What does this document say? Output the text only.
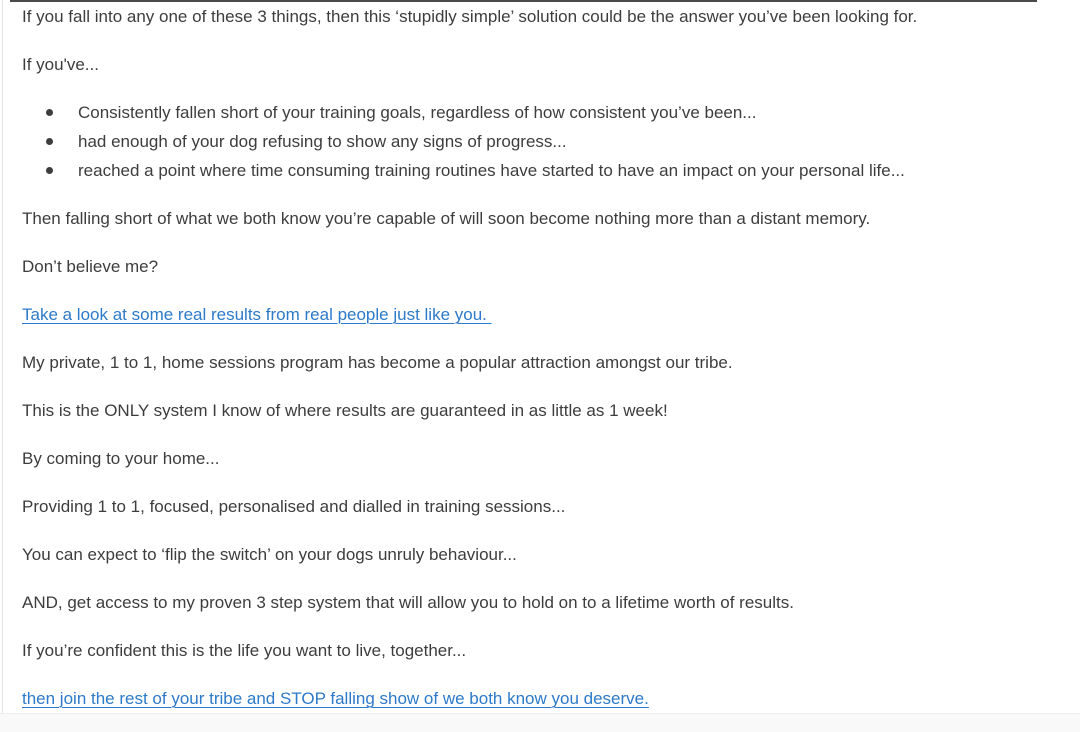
If you fall into any one of these 3 things, then this ‘stupidly simple’ solution could be the answer you’ve been looking for.

If you've...

Consistently fallen short of your training goals, regardless of how consistent you’ve been...
had enough of your dog refusing to show any signs of progress...
reached a point where time consuming training routines have started to have an impact on your personal life...

Then falling short of what we both know you’re capable of will soon become nothing more than a distant memory.

Don’t believe me?

Take a look at some real results from real people just like you.

My private, 1 to 1, home sessions program has become a popular attraction amongst our tribe.

This is the ONLY system I know of where results are guaranteed in as little as 1 week!

By coming to your home...

Providing 1 to 1, focused, personalised and dialled in training sessions...

You can expect to ‘flip the switch’ on your dogs unruly behaviour...

AND, get access to my proven 3 step system that will allow you to hold on to a lifetime worth of results.

If you’re confident this is the life you want to live, together...

then join the rest of your tribe and STOP falling show of we both know you deserve.
